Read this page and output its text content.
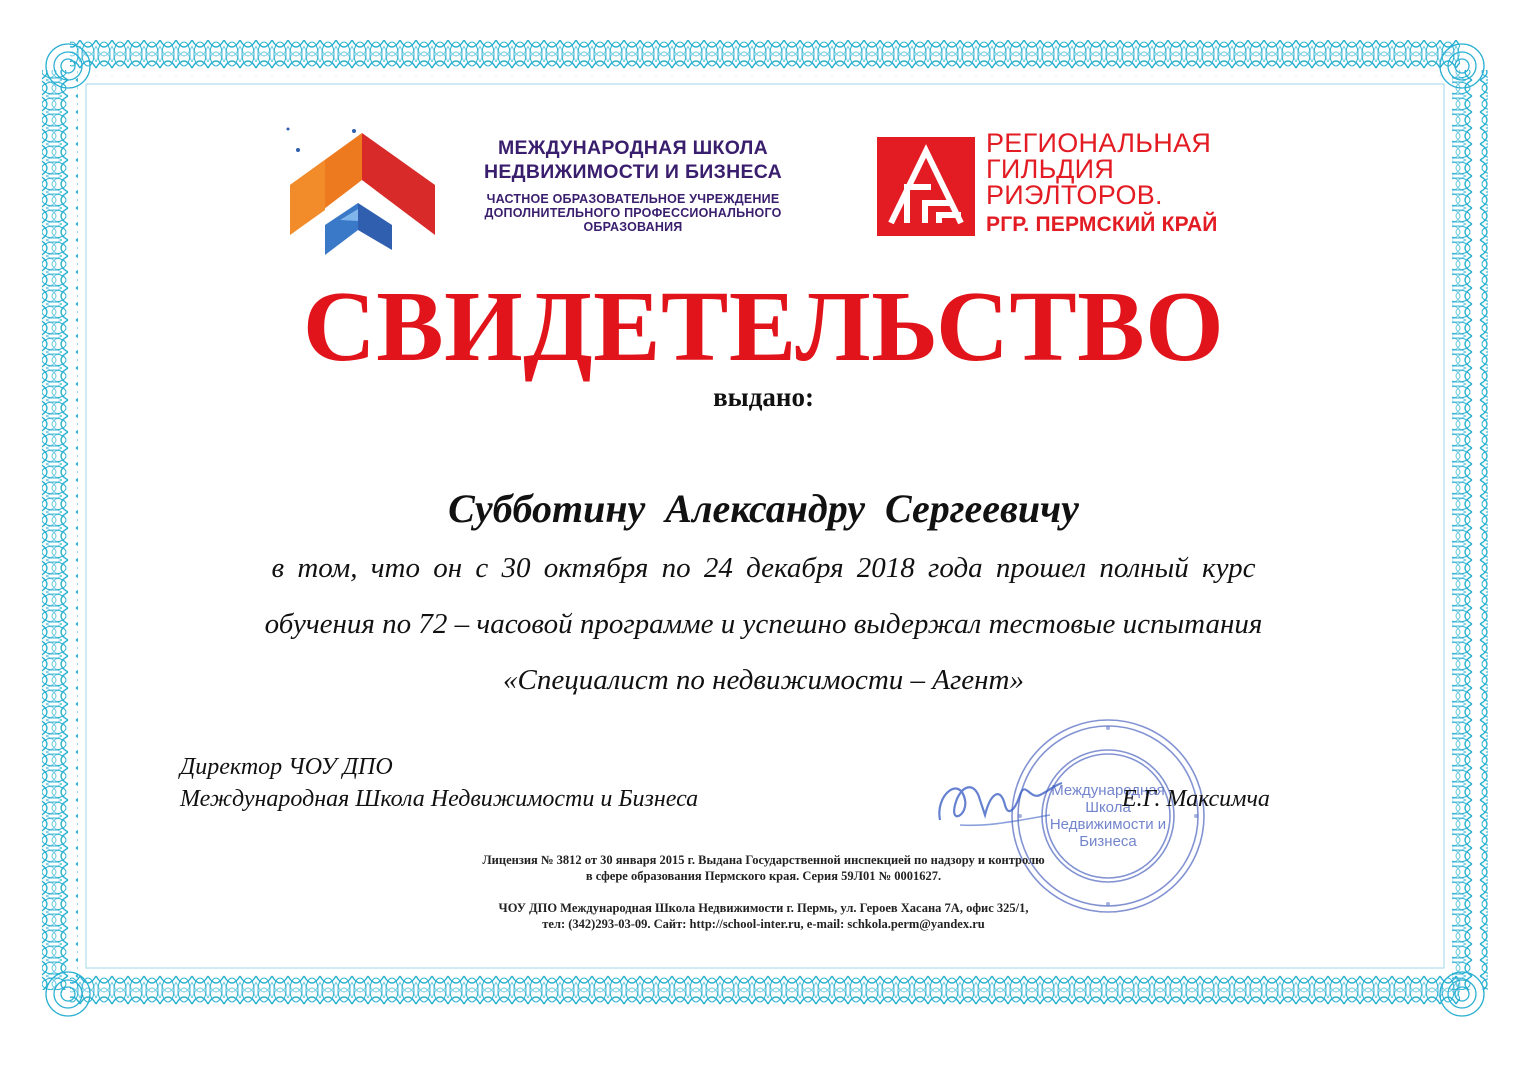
МЕЖДУНАРОДНАЯ ШКОЛА
НЕДВИЖИМОСТИ И БИЗНЕСА
ЧАСТНОЕ ОБРАЗОВАТЕЛЬНОЕ УЧРЕЖДЕНИЕ
ДОПОЛНИТЕЛЬНОГО ПРОФЕССИОНАЛЬНОГО
ОБРАЗОВАНИЯ
РЕГИОНАЛЬНАЯ
ГИЛЬДИЯ
РИЭЛТОРОВ.
РГР. ПЕРМСКИЙ КРАЙ
СВИДЕТЕЛЬСТВО
выдано:
Субботину Александру Сергеевичу
в том, что он с 30 октября по 24 декабря 2018 года прошел полный курс
обучения по 72 – часовой программе и успешно выдержал тестовые испытания
«Специалист по недвижимости – Агент»
Директор ЧОУ ДПО
Международная Школа Недвижимости и Бизнеса	Международная Школа Недвижимости и Бизнеса
Е.Г. Максимча
Лицензия № 3812 от 30 января 2015 г. Выдана Государственной инспекцией по надзору и контролю
в сфере образования Пермского края. Серия 59Л01 № 0001627.
ЧОУ ДПО Международная Школа Недвижимости г. Пермь, ул. Героев Хасана 7А, офис 325/1,
тел: (342)293-03-09. Сайт: http://school-inter.ru, e-mail: schkola.perm@yandex.ru
